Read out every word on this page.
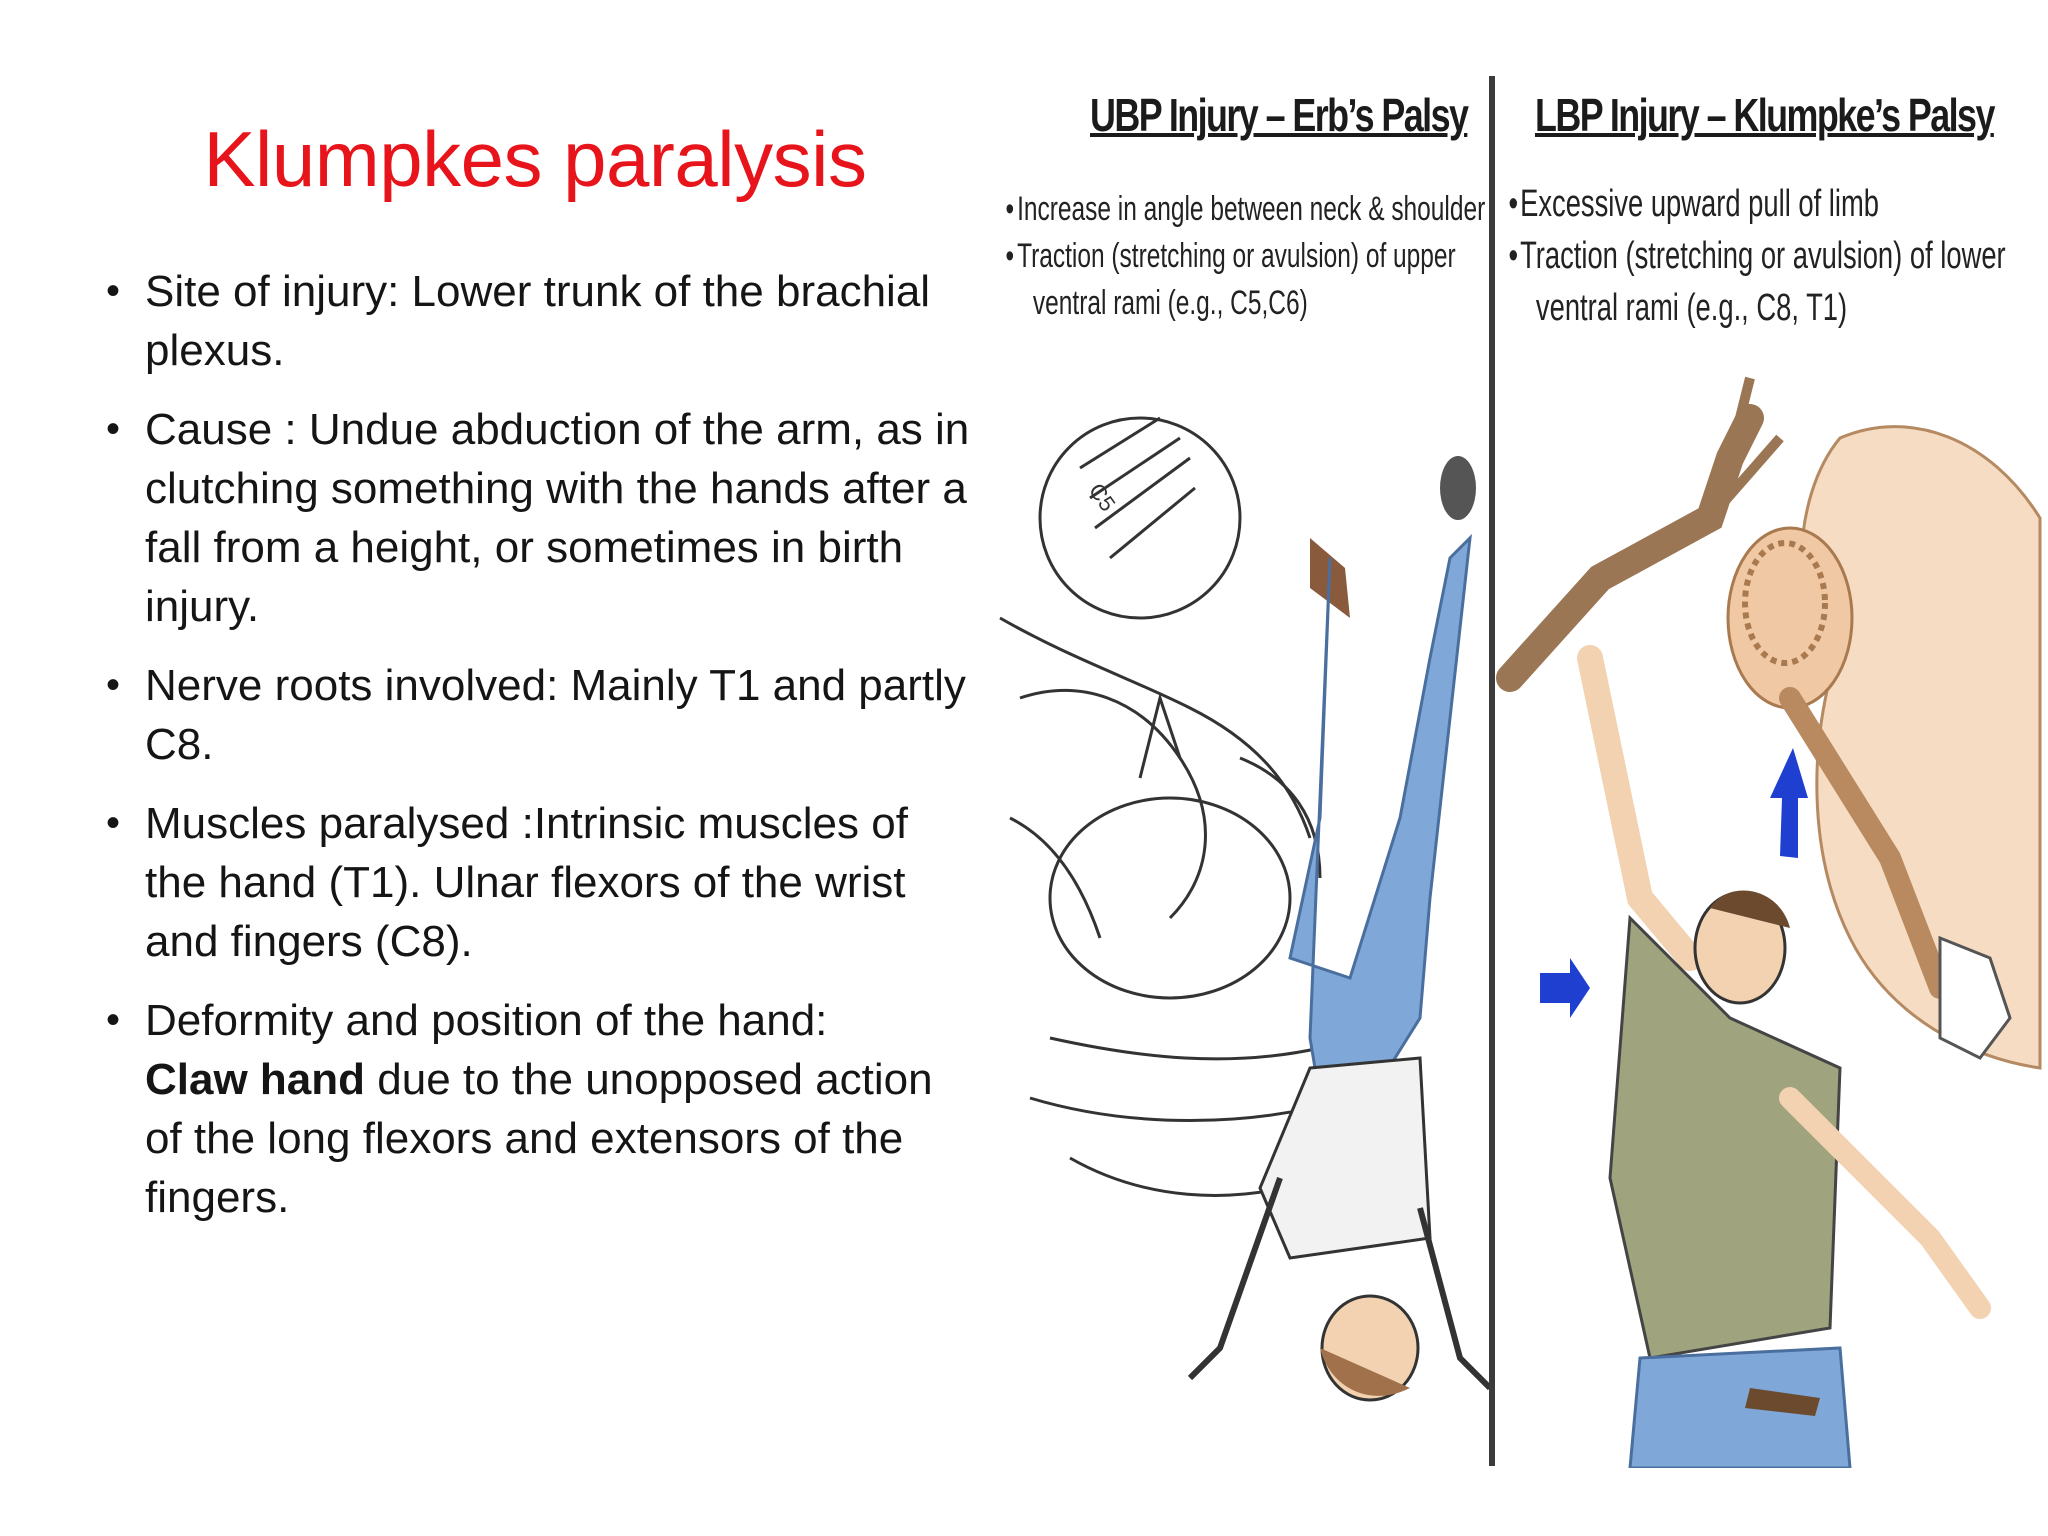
Klumpkes paralysis
• Site of injury: Lower trunk of the brachial plexus.
• Cause : Undue abduction of the arm, as in clutching something with the hands after a fall from a height, or sometimes in birth injury.
• Nerve roots involved: Mainly T1 and partly C8.
• Muscles paralysed :Intrinsic muscles of the hand (T1). Ulnar flexors of the wrist and fingers (C8).
• Deformity and position of the hand:
Claw hand due to the unopposed action of the long flexors and extensors of the fingers.
UBP Injury – Erb’s Palsy LBP Injury – Klumpke’s Palsy
• Increase in angle between neck & shoulder
• Traction (stretching or avulsion) of upper
ventral rami (e.g., C5,C6)
• Excessive upward pull of limb
• Traction (stretching or avulsion) of lower
ventral rami (e.g., C8, T1)
C5
